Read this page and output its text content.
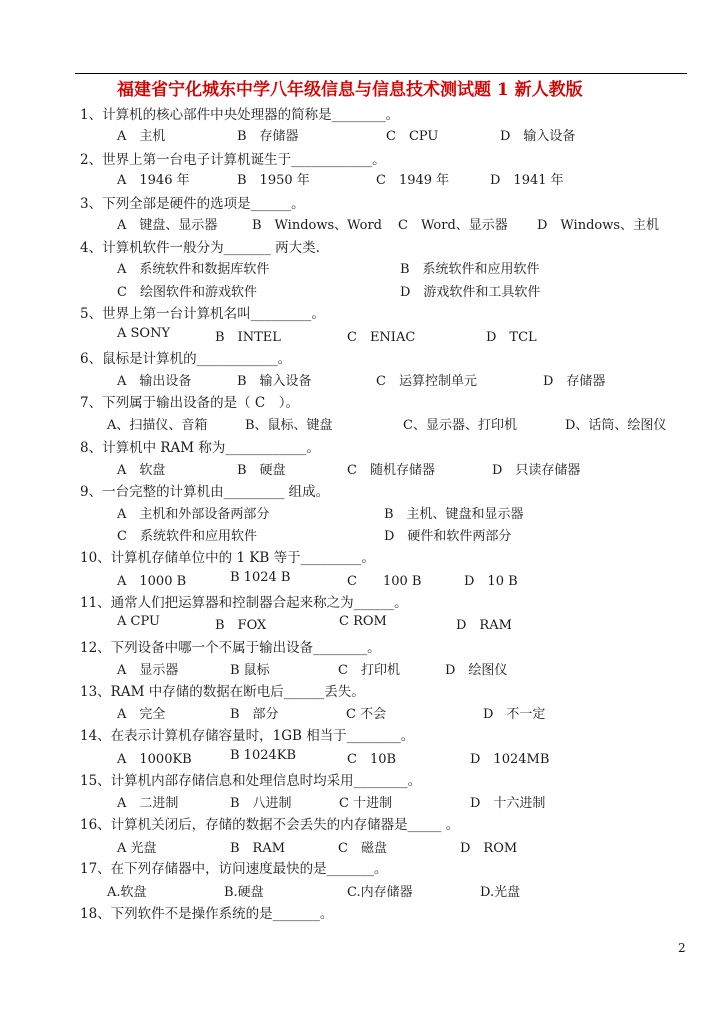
福建省宁化城东中学八年级信息与信息技术测试题 1 新人教版
1、计算机的核心部件中央处理器的简称是________。
A　主机	B　存储器	C　CPU	D　输入设备
2、世界上第一台电子计算机诞生于____________。
A　1946 年	B　1950 年	C　1949 年	D　1941 年
3、下列全部是硬件的选项是______。
A　键盘、显示器	B　Windows、Word C　Word、显示器 D　Windows、主机
4、计算机软件一般分为_______ 两大类.
A　系统软件和数据库软件	B　系统软件和应用软件
C　绘图软件和游戏软件	D　游戏软件和工具软件
5、世界上第一台计算机名叫_________。
A SONY	B　INTEL	C　ENIAC	D　TCL
6、鼠标是计算机的____________。
A　输出设备	B　输入设备	C　运算控制单元	D　存储器
7、下列属于输出设备的是（ C　）。
A、扫描仪、音箱	B、鼠标、键盘	C、显示器、打印机	D、话筒、绘图仪
8、计算机中 RAM 称为____________。
A　软盘	B　硬盘	C　随机存储器	D　只读存储器
9、一台完整的计算机由_________ 组成。
A　主机和外部设备两部分	B　主机、键盘和显示器
C　系统软件和应用软件	D　硬件和软件两部分
10、计算机存储单位中的 1 KB 等于_________。
A　1000 B	B 1024 B	C　　100 B	D　10 B
11、通常人们把运算器和控制器合起来称之为______。
A CPU	B　FOX	C ROM	D　RAM
12、下列设备中哪一个不属于输出设备________。
A　显示器	B 鼠标	C　打印机	D　绘图仪
13、RAM 中存储的数据在断电后______丢失。
A　完全	B　部分	C 不会	D　不一定
14、在表示计算机存储容量时，1GB 相当于________。
A　1000KB	B 1024KB	C　10B	D　1024MB
15、计算机内部存储信息和处理信息时均采用________。
A　二进制	B　八进制	C 十进制	D　十六进制
16、计算机关闭后，存储的数据不会丢失的内存储器是_____ 。
A 光盘	B　RAM	C　磁盘	D　ROM
17、在下列存储器中，访问速度最快的是_______。
A.软盘	B.硬盘	C.内存储器	D.光盘
18、下列软件不是操作系统的是_______。
2
